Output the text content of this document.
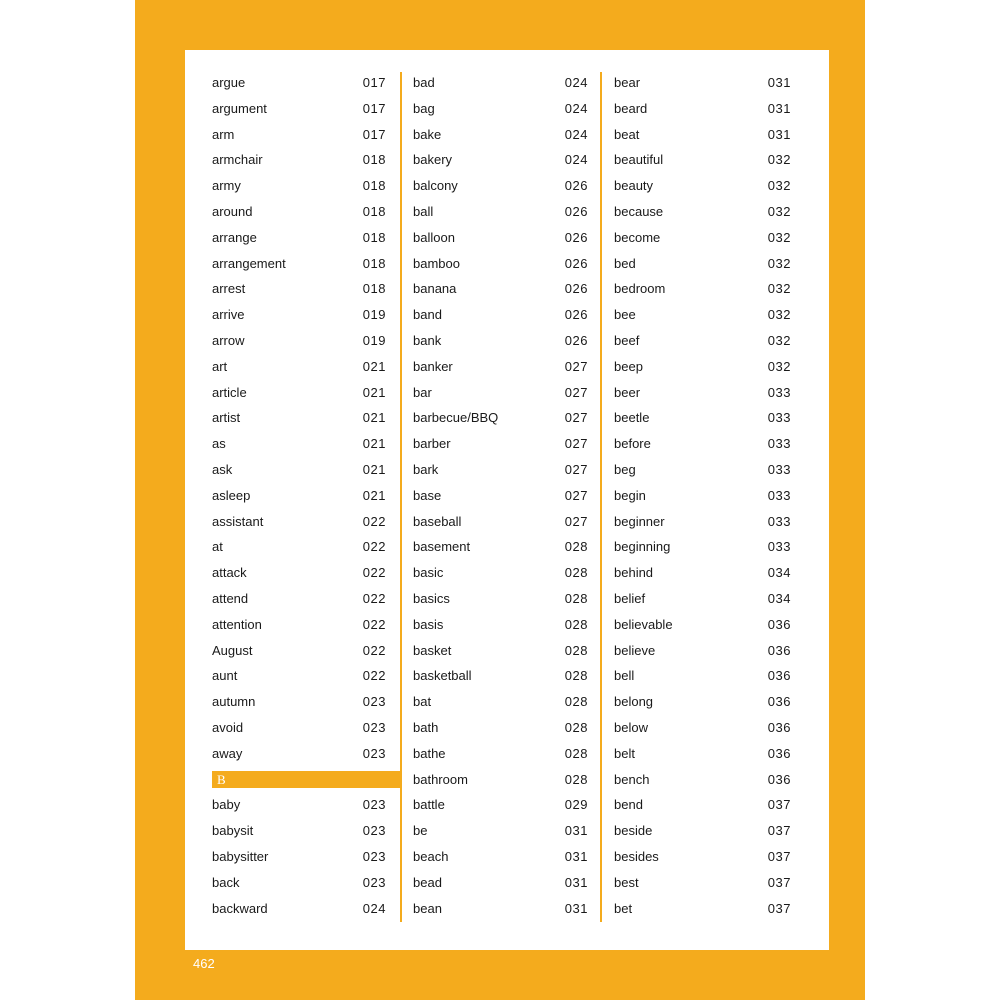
argue	017
argument	017
arm	017
armchair	018
army	018
around	018
arrange	018
arrangement	018
arrest	018
arrive	019
arrow	019
art	021
article	021
artist	021
as	021
ask	021
asleep	021
assistant	022
at	022
attack	022
attend	022
attention	022
August	022
aunt	022
autumn	023
avoid	023
away	023
B
baby	023
babysit	023
babysitter	023
back	023
backward	024
bad	024
bag	024
bake	024
bakery	024
balcony	026
ball	026
balloon	026
bamboo	026
banana	026
band	026
bank	026
banker	027
bar	027
barbecue/BBQ	027
barber	027
bark	027
base	027
baseball	027
basement	028
basic	028
basics	028
basis	028
basket	028
basketball	028
bat	028
bath	028
bathe	028
bathroom	028
battle	029
be	031
beach	031
bead	031
bean	031
bear	031
beard	031
beat	031
beautiful	032
beauty	032
because	032
become	032
bed	032
bedroom	032
bee	032
beef	032
beep	032
beer	033
beetle	033
before	033
beg	033
begin	033
beginner	033
beginning	033
behind	034
belief	034
believable	036
believe	036
bell	036
belong	036
below	036
belt	036
bench	036
bend	037
beside	037
besides	037
best	037
bet	037
462
